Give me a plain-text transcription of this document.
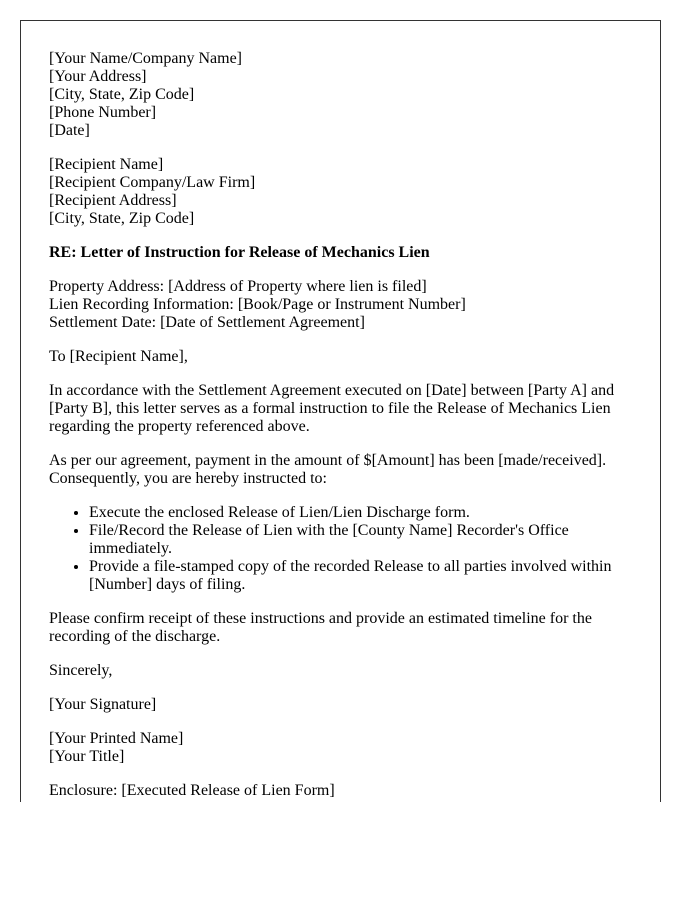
[Your Name/Company Name]
[Your Address]
[City, State, Zip Code]
[Phone Number]
[Date]
[Recipient Name]
[Recipient Company/Law Firm]
[Recipient Address]
[City, State, Zip Code]
RE: Letter of Instruction for Release of Mechanics Lien
Property Address: [Address of Property where lien is filed]
Lien Recording Information: [Book/Page or Instrument Number]
Settlement Date: [Date of Settlement Agreement]

To [Recipient Name],

In accordance with the Settlement Agreement executed on [Date] between [Party A] and [Party B], this letter serves as a formal instruction to file the Release of Mechanics Lien regarding the property referenced above.

As per our agreement, payment in the amount of $[Amount] has been [made/received]. Consequently, you are hereby instructed to:

• Execute the enclosed Release of Lien/Lien Discharge form.
• File/Record the Release of Lien with the [County Name] Recorder's Office immediately.
• Provide a file-stamped copy of the recorded Release to all parties involved within [Number] days of filing.

Please confirm receipt of these instructions and provide an estimated timeline for the recording of the discharge.

Sincerely,

[Your Signature]

[Your Printed Name]
[Your Title]

Enclosure: [Executed Release of Lien Form]
